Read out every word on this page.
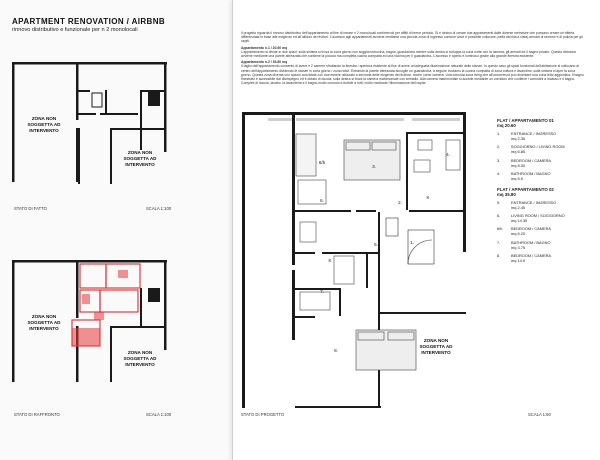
APARTMENT RENOVATION / AIRBNB
rinnovo distributivo e funzionale per n 2 monolocali
ZONA NON
SOGGETTA AD
INTERVENTO
ZONA NON
SOGGETTA AD
INTERVENTO
STATO DI FATTO	SCALA 1:100
ZONA NON
SOGGETTA AD
INTERVENTO
ZONA NON
SOGGETTA AD
INTERVENTO
STATO DI RAFFRONTO	SCALA 1:100

Il progetto riguarda il rinnovo distributivo dell'appartamento al fine di creare n 2 monolocali confortevoli per affitti di breve periodo. Si è deciso di creare due appartamenti dalle diverse metrature che possano creare un'offerta differenziata in base alle esigenze ed all'utilizzo dei fruitori. L'accesso agli appartamenti avviene mediante una piccola zona di ingresso comune dove è possibile collocare (nella nicchia a vista) armadi di servizio e di pulizia per gli ospiti.

Appartamento n.1 / 20.60 mq
L'appartamento si divide in due spazi: sulla sinistra si trova la zona giorno con soggiorno/cucina, bagno, guardaroba mentre sulla destra si sviluppa la zona notte con la camera, gli armadi ed il bagno privato. Questo divisione avviene mediante una parete attrezzata che contiene la piccola ma completa cucina compatta ed una nicchia per il guardaroba. L'accesso è aperto e luminoso grazie alla grande finestra esistente.

Appartamento n.2 / 35.80 mq
Il taglio dell'appartamento consente di avere n 2 camere sfruttando la finestra / apertura esistente al fine di avere un'adeguata illuminazione naturale delle stanze. In questo caso gli spazi funzionali dell'abitazione si collocano al centro dell'appartamento dividendo le stanze in zona giorno / zona notte. Entrando la parete attrezzata accoglie un guardaroba, a seguire troviamo la cucina compatta di zona cottura e lavandino; sulla sinistra si apre la zona giorno. Questa zona diventa uno spazio conviviale con due essere utilizzato a seconda delle esigenze del fruitore, anche come camera. Una comoda zona living che all'occorrenza può diventare una zona letto aggiuntiva. Il bagno finestrato è accessibile dal disimpegno ed è dotato di doccia; sulla destra si trova la camera matrimoniale con armadio. Alla camera matrimoniale si accede mediante un corridoio che contiene i comodini a incasso e il bagno. Completi di doccia, lavabo, la lavanderia e il bagno molto comodo a fruibile a tutti, molto mediante l'illuminazione dell'ospite.

ZONA NON
SOGGETTA AD
INTERVENTO
6/b
3.
4.
6.	2.
K
5.	1.
K
7.
8.
STATO DI PROGETTO	SCALA 1:50
FLAT / APPARTAMENTO 01
mq 20.60
1.	ENTRANCE / INGRESSO
mq 2.35
2.	SOGGIORNO / LIVING ROOM
mq 6.85
3.	BEDROOM / CAMERA
mq 8.30
4.	BATHROOM / BAGNO
mq 5.5
FLAT / APPARTAMENTO 02
mq 35.80
5.	ENTRANCE / INGRESSO
mq 2.45
6.	LIVING ROOM / SOGGIORNO
mq 14.35
6/b	BEDROOM / CAMERA
mq 6.20
7.	BATHROOM / BAGNO
mq 3.75
8.	BEDROOM / CAMERA
mq 14.9
